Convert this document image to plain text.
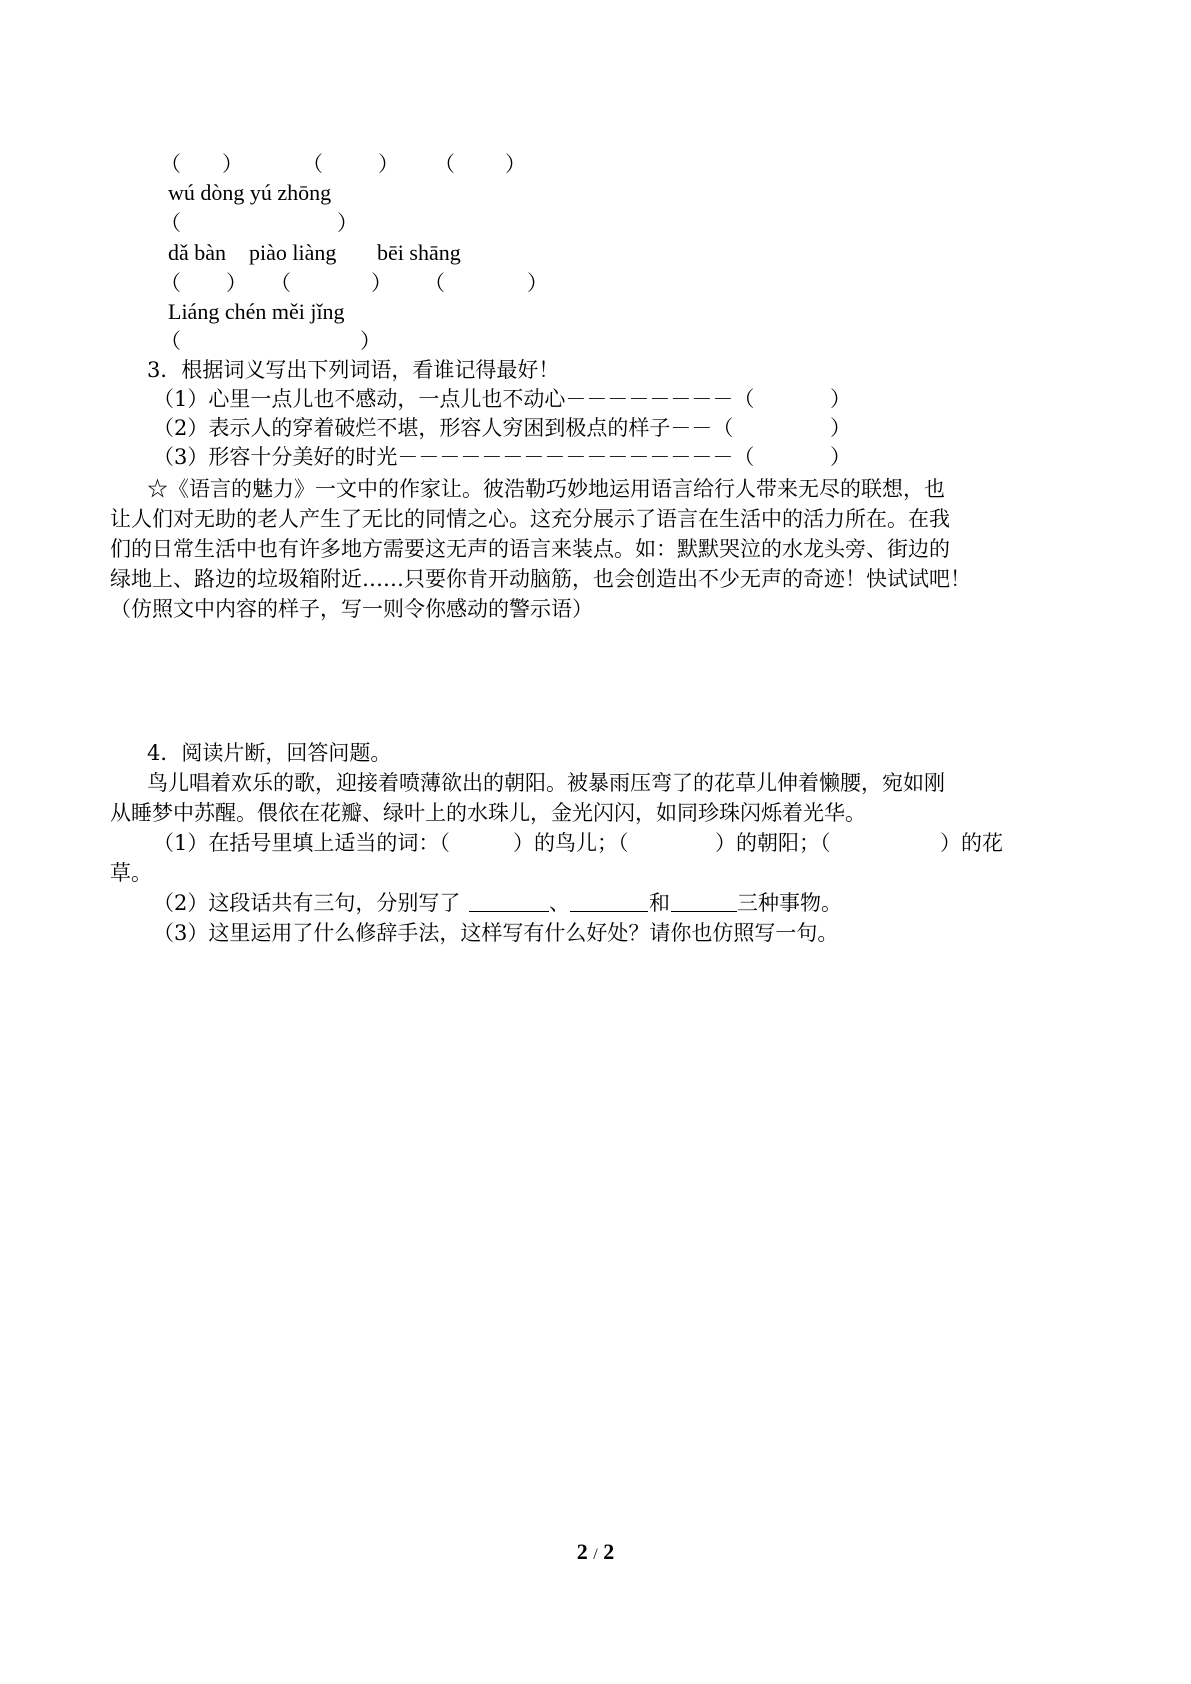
（ ）	（	） （ ）
wú dòng yú zhōng
（	）
dǎ bàn piào liàng bēi shāng
（ ） （	） （	）
Liáng chén měi jǐng
（	）
3．根据词义写出下列词语，看谁记得最好！
（1）心里一点儿也不感动，一点儿也不动心－－－－－－－－（	）
（2）表示人的穿着破烂不堪，形容人穷困到极点的样子－－（	）
（3）形容十分美好的时光－－－－－－－－－－－－－－－－（	）
☆《语言的魅力》一文中的作家让。彼浩勒巧妙地运用语言给行人带来无尽的联想，也
让人们对无助的老人产生了无比的同情之心。这充分展示了语言在生活中的活力所在。在我
们的日常生活中也有许多地方需要这无声的语言来装点。如：默默哭泣的水龙头旁、街边的
绿地上、路边的垃圾箱附近……只要你肯开动脑筋，也会创造出不少无声的奇迹！快试试吧！
（仿照文中内容的样子，写一则令你感动的警示语）
4．阅读片断，回答问题。
鸟儿唱着欢乐的歌，迎接着喷薄欲出的朝阳。被暴雨压弯了的花草儿伸着懒腰，宛如刚
从睡梦中苏醒。偎依在花瓣、绿叶上的水珠儿，金光闪闪，如同珍珠闪烁着光华。
（1）在括号里填上适当的词：（	）的鸟儿；（	）的朝阳；（	）的花
草。
（2）这段话共有三句，分别写了	、	和	三种事物。
（3）这里运用了什么修辞手法，这样写有什么好处？请你也仿照写一句。
2 / 2
